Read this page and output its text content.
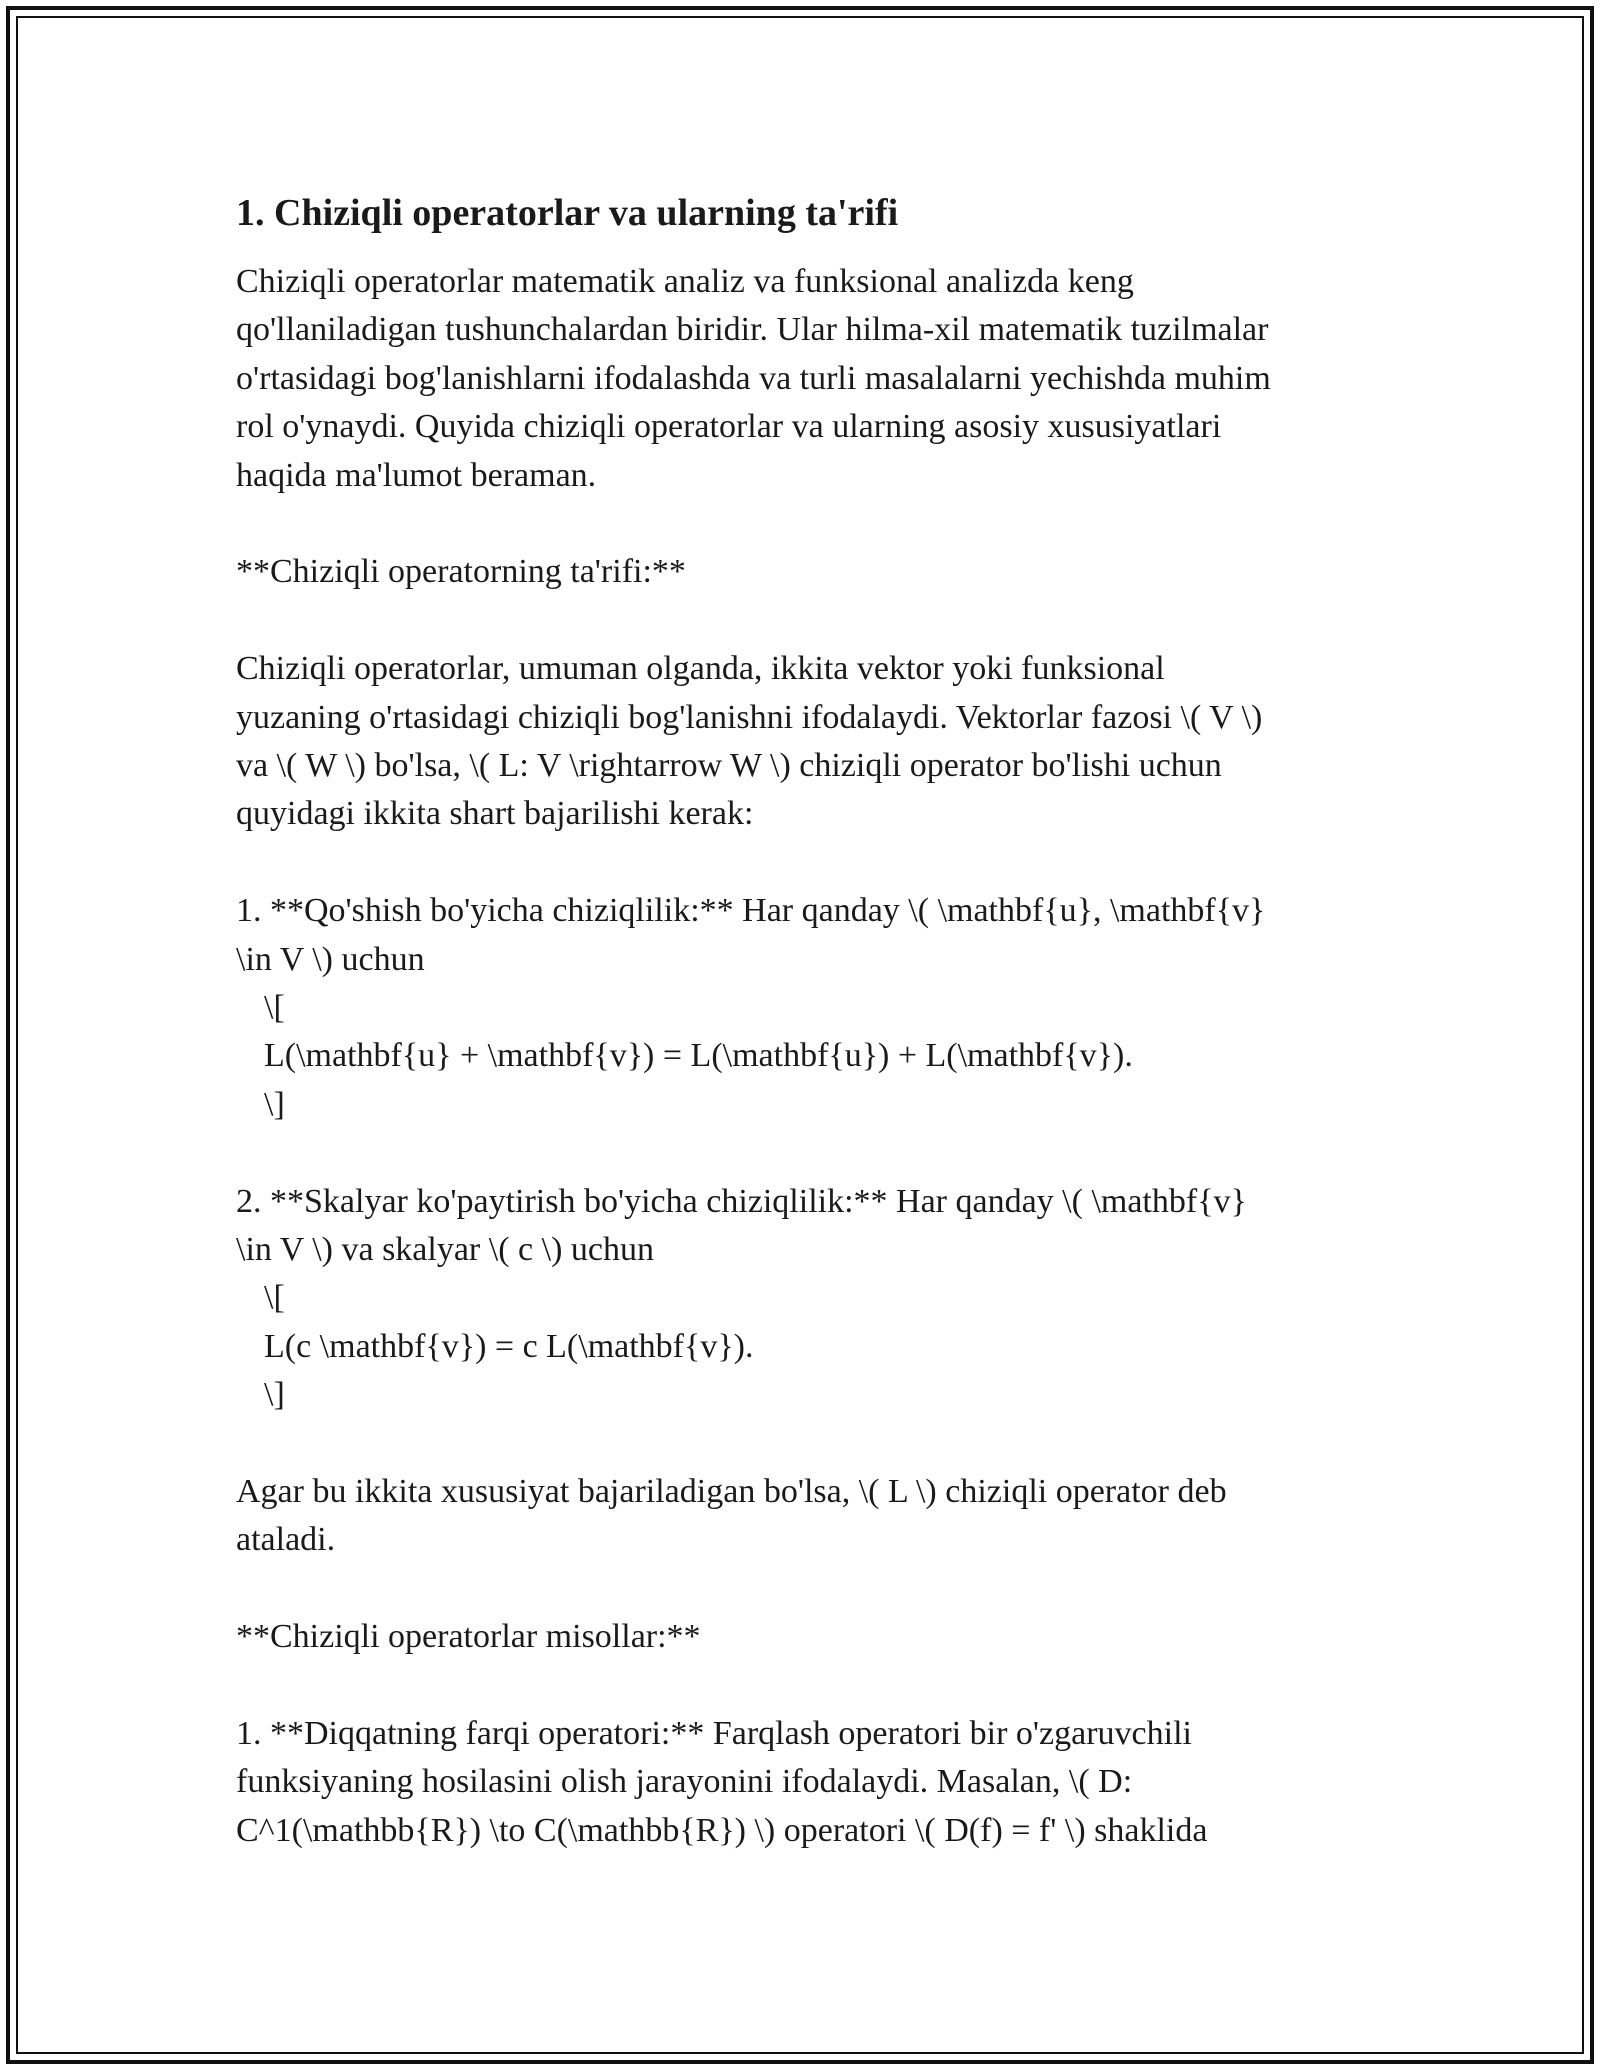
1. Chiziqli operatorlar va ularning ta'rifi
Chiziqli operatorlar matematik analiz va funksional analizda keng
qo'llaniladigan tushunchalardan biridir. Ular hilma-xil matematik tuzilmalar
o'rtasidagi bog'lanishlarni ifodalashda va turli masalalarni yechishda muhim
rol o'ynaydi. Quyida chiziqli operatorlar va ularning asosiy xususiyatlari
haqida ma'lumot beraman.
**Chiziqli operatorning ta'rifi:**
Chiziqli operatorlar, umuman olganda, ikkita vektor yoki funksional
yuzaning o'rtasidagi chiziqli bog'lanishni ifodalaydi. Vektorlar fazosi \( V \)
va \( W \) bo'lsa, \( L: V \rightarrow W \) chiziqli operator bo'lishi uchun
quyidagi ikkita shart bajarilishi kerak:
1. **Qo'shish bo'yicha chiziqlilik:** Har qanday \( \mathbf{u}, \mathbf{v}
\in V \) uchun
\[
L(\mathbf{u} + \mathbf{v}) = L(\mathbf{u}) + L(\mathbf{v}).
\]
2. **Skalyar ko'paytirish bo'yicha chiziqlilik:** Har qanday \( \mathbf{v}
\in V \) va skalyar \( c \) uchun
\[
L(c \mathbf{v}) = c L(\mathbf{v}).
\]
Agar bu ikkita xususiyat bajariladigan bo'lsa, \( L \) chiziqli operator deb
ataladi.
**Chiziqli operatorlar misollar:**
1. **Diqqatning farqi operatori:** Farqlash operatori bir o'zgaruvchili
funksiyaning hosilasini olish jarayonini ifodalaydi. Masalan, \( D:
C^1(\mathbb{R}) \to C(\mathbb{R}) \) operatori \( D(f) = f' \) shaklida
